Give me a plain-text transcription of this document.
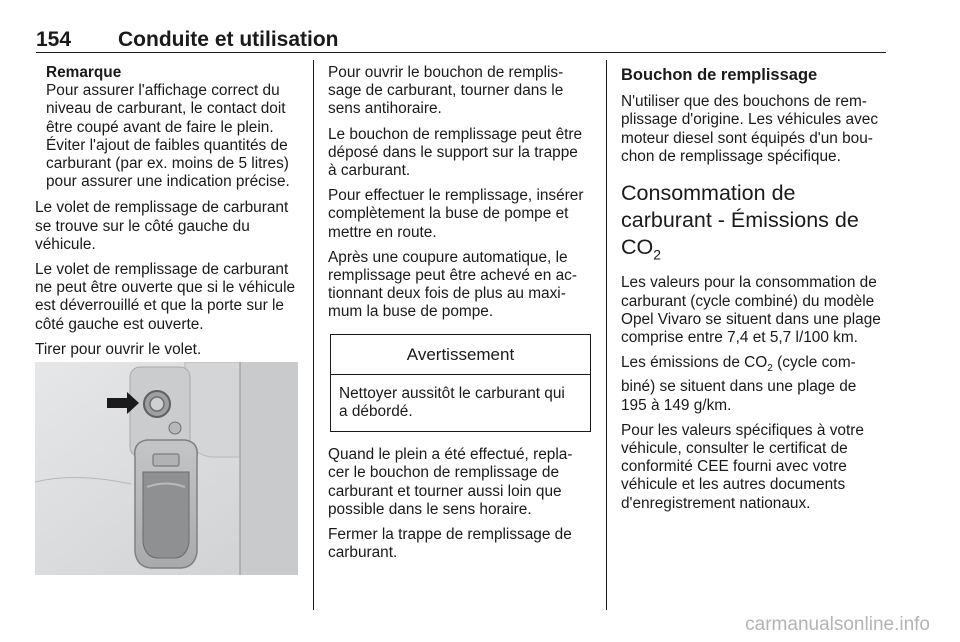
154 Conduite et utilisation
Remarque

Pour assurer l'affichage correct du
niveau de carburant, le contact doit
être coupé avant de faire le plein.
Éviter l'ajout de faibles quantités de
carburant (par ex. moins de 5 litres)
pour assurer une indication précise.

Le volet de remplissage de carburant
se trouve sur le côté gauche du
véhicule.

Le volet de remplissage de carburant
ne peut être ouverte que si le véhicule
est déverrouillé et que la porte sur le
côté gauche est ouverte.

Tirer pour ouvrir le volet.

Pour ouvrir le bouchon de remplis-
sage de carburant, tourner dans le
sens antihoraire.

Le bouchon de remplissage peut être
déposé dans le support sur la trappe
à carburant.

Pour effectuer le remplissage, insérer
complètement la buse de pompe et
mettre en route.

Après une coupure automatique, le
remplissage peut être achevé en ac-
tionnant deux fois de plus au maxi-
mum la buse de pompe.

Avertissement
Nettoyer aussitôt le carburant qui
a débordé.

Quand le plein a été effectué, repla-
cer le bouchon de remplissage de
carburant et tourner aussi loin que
possible dans le sens horaire.

Fermer la trappe de remplissage de
carburant.

Bouchon de remplissage

N'utiliser que des bouchons de rem-
plissage d'origine. Les véhicules avec
moteur diesel sont équipés d'un bou-
chon de remplissage spécifique.

Consommation de
carburant - Émissions de
$CO_2$

Les valeurs pour la consommation de
carburant (cycle combiné) du modèle
Opel Vivaro se situent dans une plage
comprise entre 7,4 et 5,7 l/100 km.

Les émissions de $CO_2$ (cycle com-
biné) se situent dans une plage de
195 à 149 g/km.

Pour les valeurs spécifiques à votre
véhicule, consulter le certificat de
conformité CEE fourni avec votre
véhicule et les autres documents
d'enregistrement nationaux.

carmanualsonline.info
